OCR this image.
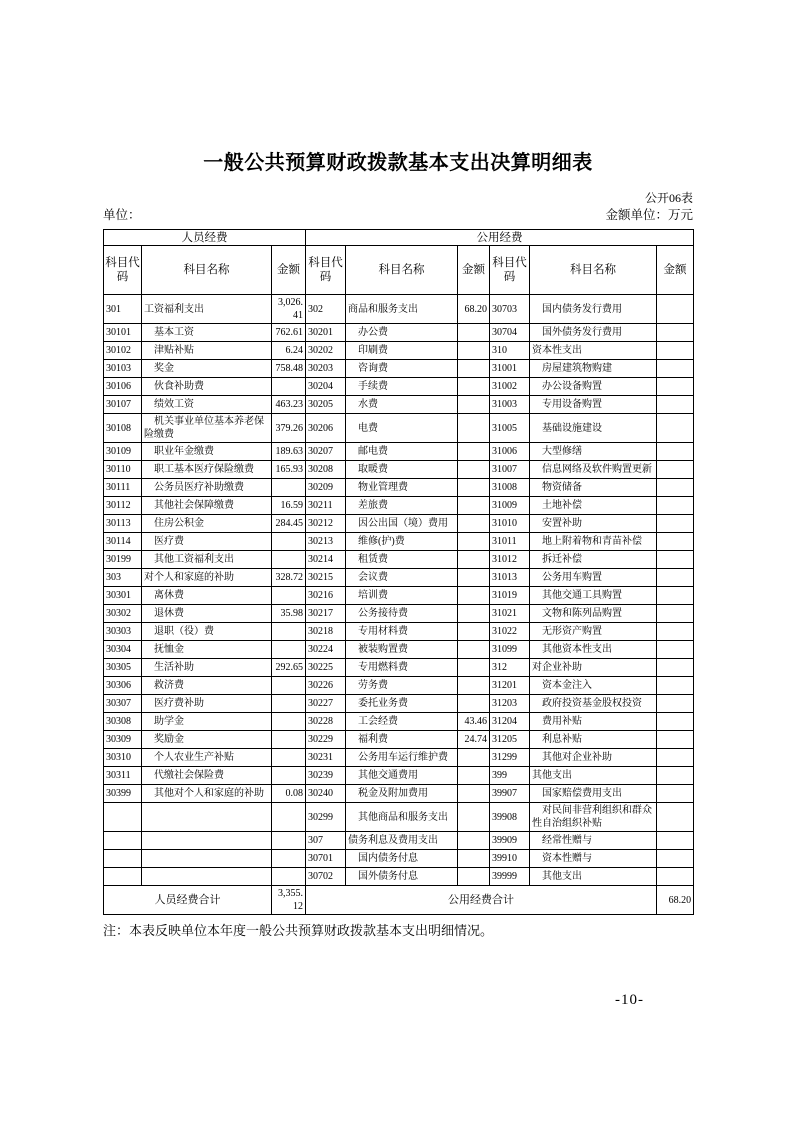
一般公共预算财政拨款基本支出决算明细表
公开06表
单位：	金额单位：万元
人员经费			公用经费					
科目代码	科目名称	金额	科目代码	科目名称	金额	科目代码	科目名称	金额
301	工资福利支出	3,026.41	302	商品和服务支出	68.20	30703	　国内债务发行费用	
30101	　基本工资	762.61	30201	　办公费		30704	　国外债务发行费用	
30102	　津贴补贴	6.24	30202	　印刷费		310	资本性支出	
30103	　奖金	758.48	30203	　咨询费		31001	　房屋建筑物购建	
30106	　伙食补助费		30204	　手续费		31002	　办公设备购置	
30107	　绩效工资	463.23	30205	　水费		31003	　专用设备购置	
30108	　机关事业单位基本养老保险缴费	379.26	30206	　电费		31005	　基础设施建设	
30109	　职业年金缴费	189.63	30207	　邮电费		31006	　大型修缮	
30110	　职工基本医疗保险缴费	165.93	30208	　取暖费		31007	　信息网络及软件购置更新	
30111	　公务员医疗补助缴费		30209	　物业管理费		31008	　物资储备	
30112	　其他社会保障缴费	16.59	30211	　差旅费		31009	　土地补偿	
30113	　住房公积金	284.45	30212	　因公出国（境）费用		31010	　安置补助	
30114	　医疗费		30213	　维修(护)费		31011	　地上附着物和青苗补偿	
30199	　其他工资福利支出		30214	　租赁费		31012	　拆迁补偿	
303	对个人和家庭的补助	328.72	30215	　会议费		31013	　公务用车购置	
30301	　离休费		30216	　培训费		31019	　其他交通工具购置	
30302	　退休费	35.98	30217	　公务接待费		31021	　文物和陈列品购置	
30303	　退职（役）费		30218	　专用材料费		31022	　无形资产购置	
30304	　抚恤金		30224	　被装购置费		31099	　其他资本性支出	
30305	　生活补助	292.65	30225	　专用燃料费		312	对企业补助	
30306	　救济费		30226	　劳务费		31201	　资本金注入	
30307	　医疗费补助		30227	　委托业务费		31203	　政府投资基金股权投资	
30308	　助学金		30228	　工会经费	43.46	31204	　费用补贴	
30309	　奖励金		30229	　福利费	24.74	31205	　利息补贴	
30310	　个人农业生产补贴		30231	　公务用车运行维护费		31299	　其他对企业补助	
30311	　代缴社会保险费		30239	　其他交通费用		399	其他支出	
30399	　其他对个人和家庭的补助	0.08	30240	　税金及附加费用		39907	　国家赔偿费用支出	
			30299	　其他商品和服务支出		39908	　对民间非营利组织和群众性自治组织补贴	
			307	债务利息及费用支出		39909	　经常性赠与	
			30701	　国内债务付息		39910	　资本性赠与	
			30702	　国外债务付息		39999	　其他支出	
人员经费合计		3,355.12	公用经费合计					68.20
注：本表反映单位本年度一般公共预算财政拨款基本支出明细情况。
-10-
